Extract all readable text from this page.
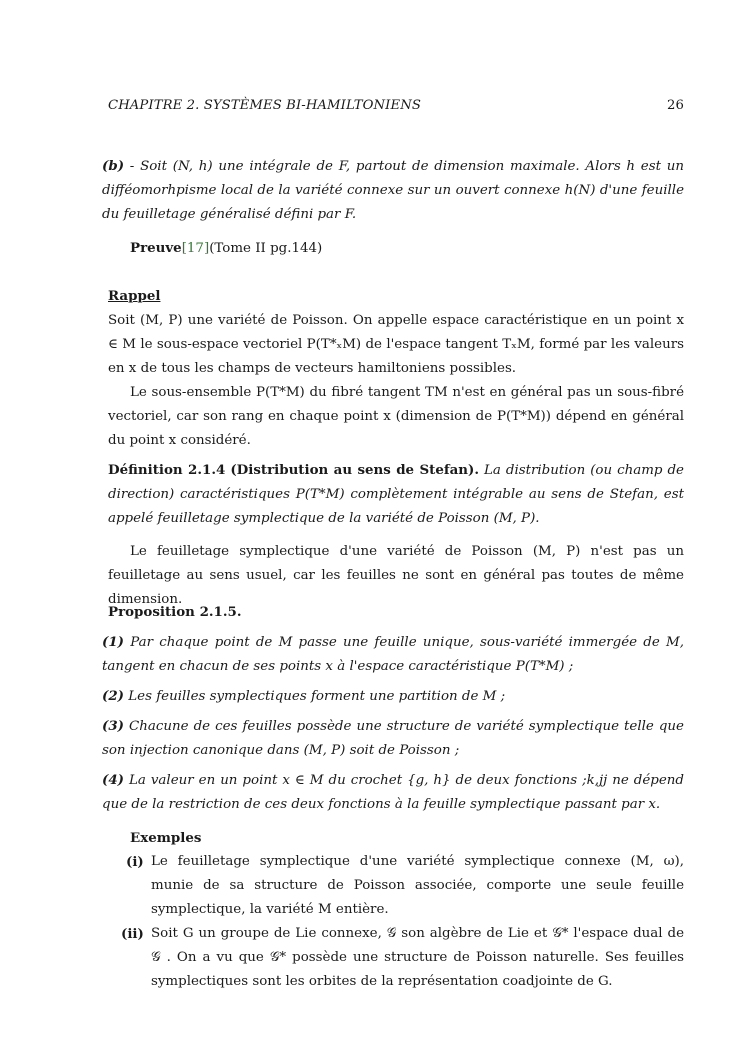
CHAPITRE 2. SYSTÈMES BI-HAMILTONIENS	26

(b) - Soit (N, h) une intégrale de F, partout de dimension maximale. Alors h est un difféomorhpisme local de la variété connexe sur un ouvert connexe h(N) d'une feuille du feuilletage généralisé défini par F.

Preuve[17](Tome II pg.144)

Rappel

Soit (M, P) une variété de Poisson. On appelle espace caractéristique en un point x ∈ M le sous-espace vectoriel P(T*ₓM) de l'espace tangent TₓM, formé par les valeurs en x de tous les champs de vecteurs hamiltoniens possibles.

Le sous-ensemble P(T*M) du fibré tangent TM n'est en général pas un sous-fibré vectoriel, car son rang en chaque point x (dimension de P(T*M)) dépend en général du point x considéré.

Définition 2.1.4 (Distribution au sens de Stefan). La distribution (ou champ de direction) caractéristiques P(T*M) complètement intégrable au sens de Stefan, est appelé feuilletage symplectique de la variété de Poisson (M, P).

Le feuilletage symplectique d'une variété de Poisson (M, P) n'est pas un feuilletage au sens usuel, car les feuilles ne sont en général pas toutes de même dimension.

Proposition 2.1.5.

(1) Par chaque point de M passe une feuille unique, sous-variété immergée de M, tangent en chacun de ses points x à l'espace caractéristique P(T*M) ;

(2) Les feuilles symplectiques forment une partition de M ;

(3) Chacune de ces feuilles possède une structure de variété symplectique telle que son injection canonique dans (M, P) soit de Poisson ;

(4) La valeur en un point x ∈ M du crochet {g, h} de deux fonctions ;k,jj ne dépend que de la restriction de ces deux fonctions à la feuille symplectique passant par x.

Exemples

(i) Le feuilletage symplectique d'une variété symplectique connexe (M, ω), munie de sa structure de Poisson associée, comporte une seule feuille symplectique, la variété M entière.

(ii) Soit G un groupe de Lie connexe, 𝒢 son algèbre de Lie et 𝒢* l'espace dual de 𝒢 . On a vu que 𝒢* possède une structure de Poisson naturelle. Ses feuilles symplectiques sont les orbites de la représentation coadjointe de G.
